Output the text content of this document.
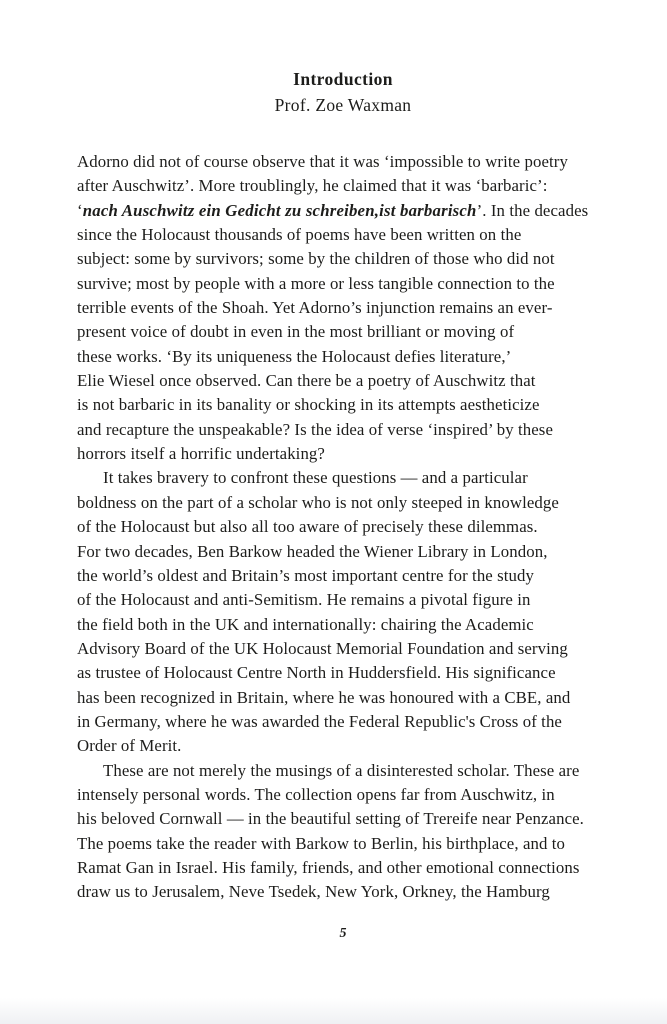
Introduction
Prof. Zoe Waxman

Adorno did not of course observe that it was ‘impossible to write poetry
after Auschwitz’. More troublingly, he claimed that it was ‘barbaric’:
‘nach Auschwitz ein Gedicht zu schreiben,ist barbarisch’. In the decades
since the Holocaust thousands of poems have been written on the
subject: some by survivors; some by the children of those who did not
survive; most by people with a more or less tangible connection to the
terrible events of the Shoah. Yet Adorno’s injunction remains an ever-
present voice of doubt in even in the most brilliant or moving of
these works. ‘By its uniqueness the Holocaust defies literature,’
Elie Wiesel once observed. Can there be a poetry of Auschwitz that
is not barbaric in its banality or shocking in its attempts aestheticize
and recapture the unspeakable? Is the idea of verse ‘inspired’ by these
horrors itself a horrific undertaking?

It takes bravery to confront these questions — and a particular
boldness on the part of a scholar who is not only steeped in knowledge
of the Holocaust but also all too aware of precisely these dilemmas.
For two decades, Ben Barkow headed the Wiener Library in London,
the world’s oldest and Britain’s most important centre for the study
of the Holocaust and anti-Semitism. He remains a pivotal figure in
the field both in the UK and internationally: chairing the Academic
Advisory Board of the UK Holocaust Memorial Foundation and serving
as trustee of Holocaust Centre North in Huddersfield. His significance
has been recognized in Britain, where he was honoured with a CBE, and
in Germany, where he was awarded the Federal Republic's Cross of the
Order of Merit.

These are not merely the musings of a disinterested scholar. These are
intensely personal words. The collection opens far from Auschwitz, in
his beloved Cornwall — in the beautiful setting of Trereife near Penzance.
The poems take the reader with Barkow to Berlin, his birthplace, and to
Ramat Gan in Israel. His family, friends, and other emotional connections
draw us to Jerusalem, Neve Tsedek, New York, Orkney, the Hamburg

5
